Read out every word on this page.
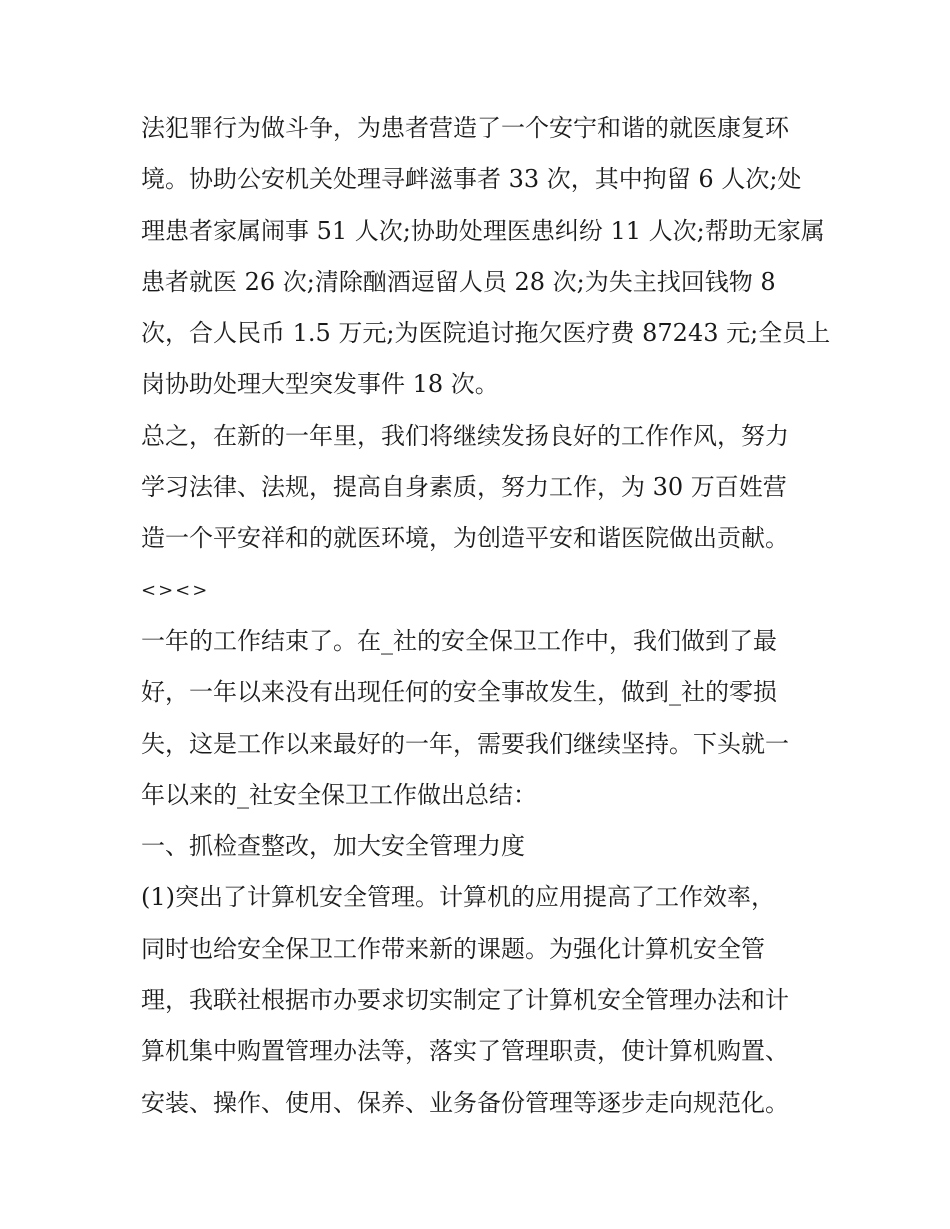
法犯罪行为做斗争，为患者营造了一个安宁和谐的就医康复环
境。协助公安机关处理寻衅滋事者 33 次，其中拘留 6 人次;处
理患者家属闹事 51 人次;协助处理医患纠纷 11 人次;帮助无家属
患者就医 26 次;清除酗酒逗留人员 28 次;为失主找回钱物 8
次，合人民币 1.5 万元;为医院追讨拖欠医疗费 87243 元;全员上
岗协助处理大型突发事件 18 次。
总之，在新的一年里，我们将继续发扬良好的工作作风，努力
学习法律、法规，提高自身素质，努力工作，为 30 万百姓营
造一个平安祥和的就医环境，为创造平安和谐医院做出贡献。
<><>
一年的工作结束了。在_社的安全保卫工作中，我们做到了最
好，一年以来没有出现任何的安全事故发生，做到_社的零损
失，这是工作以来最好的一年，需要我们继续坚持。下头就一
年以来的_社安全保卫工作做出总结：
一、抓检查整改，加大安全管理力度
(1)突出了计算机安全管理。计算机的应用提高了工作效率，
同时也给安全保卫工作带来新的课题。为强化计算机安全管
理，我联社根据市办要求切实制定了计算机安全管理办法和计
算机集中购置管理办法等，落实了管理职责，使计算机购置、
安装、操作、使用、保养、业务备份管理等逐步走向规范化。
